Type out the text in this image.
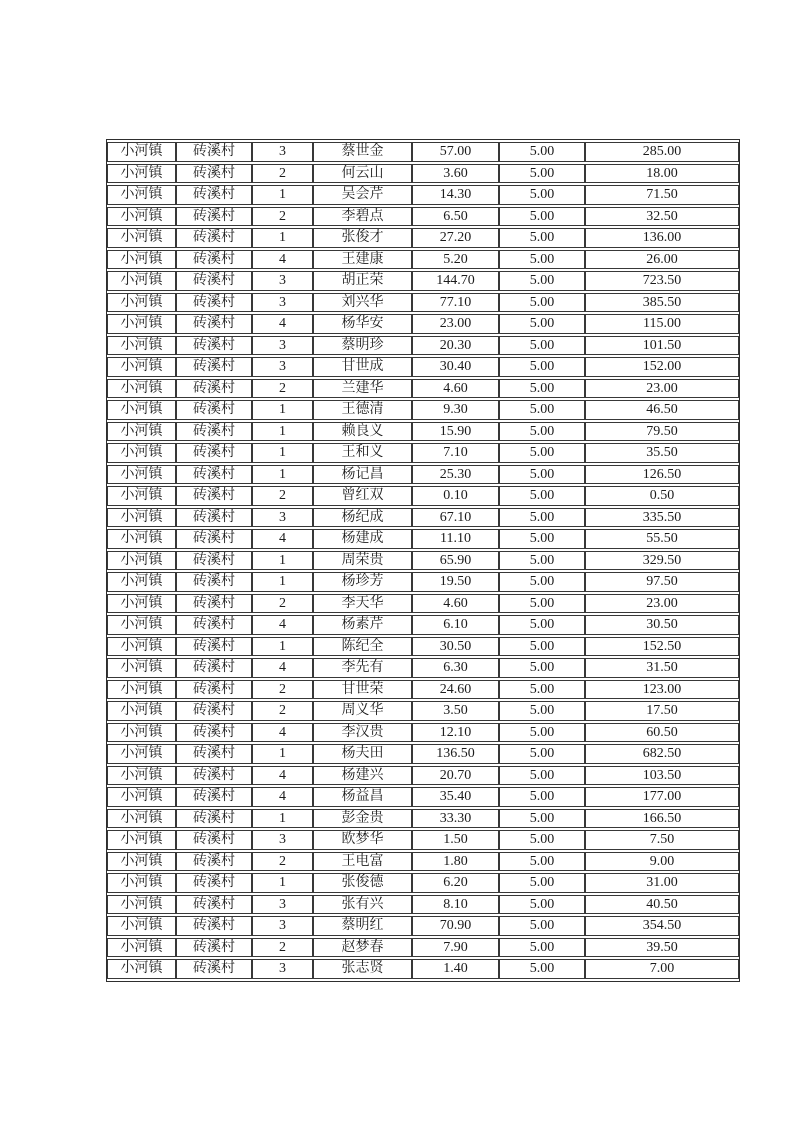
小河镇	砖溪村	3	蔡世金	57.00	5.00	285.00
小河镇	砖溪村	2	何云山	3.60	5.00	18.00
小河镇	砖溪村	1	吴会芹	14.30	5.00	71.50
小河镇	砖溪村	2	李碧点	6.50	5.00	32.50
小河镇	砖溪村	1	张俊才	27.20	5.00	136.00
小河镇	砖溪村	4	王建康	5.20	5.00	26.00
小河镇	砖溪村	3	胡正荣	144.70	5.00	723.50
小河镇	砖溪村	3	刘兴华	77.10	5.00	385.50
小河镇	砖溪村	4	杨华安	23.00	5.00	115.00
小河镇	砖溪村	3	蔡明珍	20.30	5.00	101.50
小河镇	砖溪村	3	甘世成	30.40	5.00	152.00
小河镇	砖溪村	2	兰建华	4.60	5.00	23.00
小河镇	砖溪村	1	王德清	9.30	5.00	46.50
小河镇	砖溪村	1	赖良义	15.90	5.00	79.50
小河镇	砖溪村	1	王和义	7.10	5.00	35.50
小河镇	砖溪村	1	杨记昌	25.30	5.00	126.50
小河镇	砖溪村	2	曾红双	0.10	5.00	0.50
小河镇	砖溪村	3	杨纪成	67.10	5.00	335.50
小河镇	砖溪村	4	杨建成	11.10	5.00	55.50
小河镇	砖溪村	1	周荣贵	65.90	5.00	329.50
小河镇	砖溪村	1	杨珍芳	19.50	5.00	97.50
小河镇	砖溪村	2	李天华	4.60	5.00	23.00
小河镇	砖溪村	4	杨素芹	6.10	5.00	30.50
小河镇	砖溪村	1	陈纪全	30.50	5.00	152.50
小河镇	砖溪村	4	李先有	6.30	5.00	31.50
小河镇	砖溪村	2	甘世荣	24.60	5.00	123.00
小河镇	砖溪村	2	周义华	3.50	5.00	17.50
小河镇	砖溪村	4	李汉贵	12.10	5.00	60.50
小河镇	砖溪村	1	杨夫田	136.50	5.00	682.50
小河镇	砖溪村	4	杨建兴	20.70	5.00	103.50
小河镇	砖溪村	4	杨益昌	35.40	5.00	177.00
小河镇	砖溪村	1	彭金贵	33.30	5.00	166.50
小河镇	砖溪村	3	欧梦华	1.50	5.00	7.50
小河镇	砖溪村	2	王电富	1.80	5.00	9.00
小河镇	砖溪村	1	张俊德	6.20	5.00	31.00
小河镇	砖溪村	3	张有兴	8.10	5.00	40.50
小河镇	砖溪村	3	蔡明红	70.90	5.00	354.50
小河镇	砖溪村	2	赵梦春	7.90	5.00	39.50
小河镇	砖溪村	3	张志贤	1.40	5.00	7.00
